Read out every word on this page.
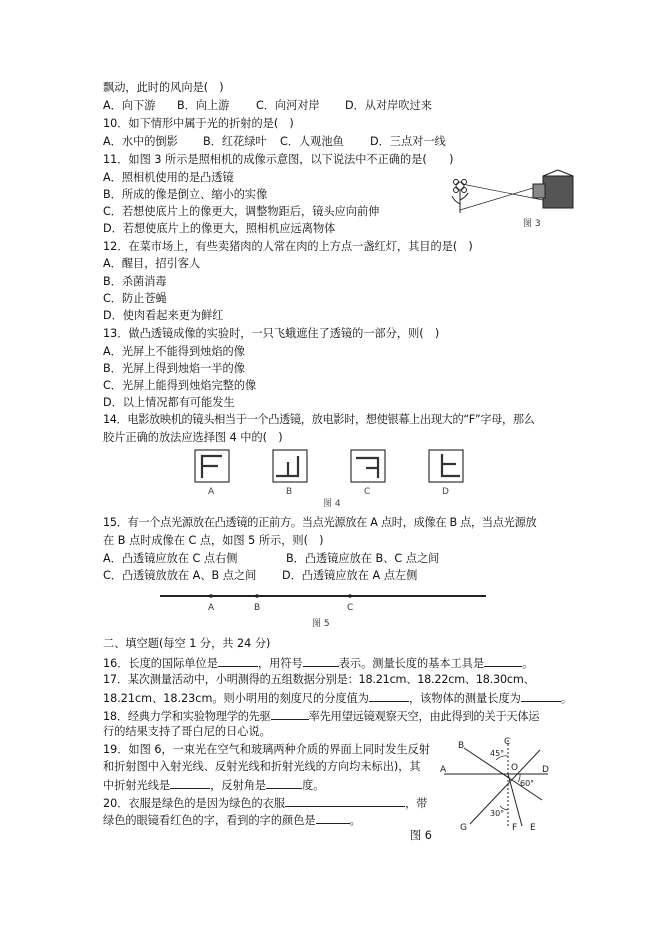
飘动，此时的风向是(　)
A．向下游 B．向上游 C．向河对岸 D．从对岸吹过来
10．如下情形中属于光的折射的是(　)
A．水中的倒影 B．红花绿叶 C．人观池鱼 D．三点对一线
11．如图 3 所示是照相机的成像示意图，以下说法中不正确的是(　　)
A．照相机使用的是凸透镜
B．所成的像是倒立、缩小的实像
C．若想使底片上的像更大，调整物距后，镜头应向前伸
D．若想使底片上的像更大，照相机应远离物体	图 3
12．在菜市场上，有些卖猪肉的人常在肉的上方点一盏红灯，其目的是(　)
A．醒目，招引客人
B．杀菌消毒
C．防止苍蝇
D．使肉看起来更为鲜红
13．做凸透镜成像的实验时，一只飞蛾遮住了透镜的一部分，则(　)
A．光屏上不能得到烛焰的像
B．光屏上得到烛焰一半的像
C．光屏上能得到烛焰完整的像
D．以上情况都有可能发生
14．电影放映机的镜头相当于一个凸透镜，放电影时，想使银幕上出现大的“F”字母，那么
胶片正确的放法应选择图 4 中的(　)
A	B	C	D
图 4
15．有一个点光源放在凸透镜的正前方。当点光源放在 A 点时，成像在 B 点，当点光源放
在 B 点时成像在 C 点，如图 5 所示，则(　)
A．凸透镜应放在 C 点右侧	B．凸透镜应放在 B、C 点之间
C．凸透镜放放在 A、B 点之间 D．凸透镜应放在 A 点左侧
A	B	C
图 5
二、填空题(每空 1 分，共 24 分)
16．长度的国际单位是	，用符号	表示。测量长度的基本工具是	。
17．某次测量活动中，小明测得的五组数据分别是：18.21cm、18.22cm、18.30cm、
18.21cm、18.23cm。则小明用的刻度尺的分度值为	，该物体的测量长度为	。
18．经典力学和实验物理学的先驱	率先用望远镜观察天空，由此得到的关于天体运
行的结果支持了哥白尼的日心说。
19．如图 6，一束光在空气和玻璃两种介质的界面上同时发生反射
和折射图中入射光线、反射光线和折射光线的方向均未标出)，其
中折射光线是	，反射角是	度。
20．衣服是绿色的是因为绿色的衣服	，带
绿色的眼镜看红色的字，看到的字的颜色是	。
B	C
A	O	D
G	F E
45°
60°
30°
图 6
